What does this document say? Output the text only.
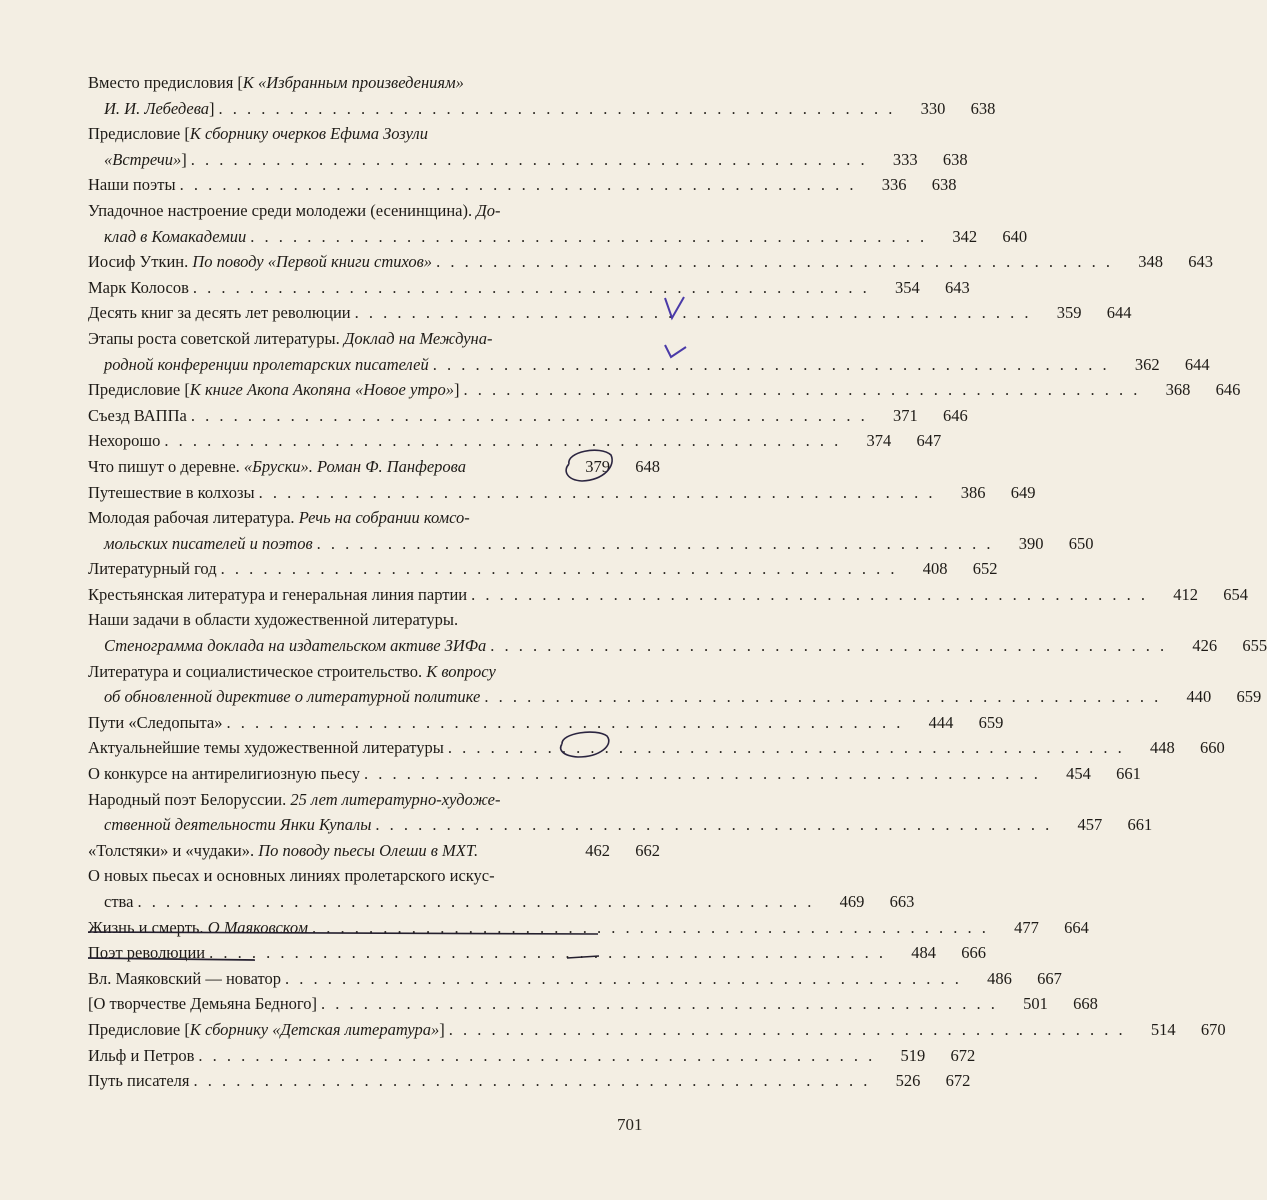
Вместо предисловия [К «Избранным произведениям»
И. И. Лебедева] . . . . . . . . . . . . . . . . . . . . . . . . . . . . . . . . . . . . . . . . . . . . . . . .	330	638
Предисловие [К сборнику очерков Ефима Зозули
«Встречи»] . . . . . . . . . . . . . . . . . . . . . . . . . . . . . . . . . . . . . . . . . . . . . . . .	333	638
Наши поэты . . . . . . . . . . . . . . . . . . . . . . . . . . . . . . . . . . . . . . . . . . . . . . . .	336	638
Упадочное настроение среди молодежи (есенинщина). До-
клад в Комакадемии . . . . . . . . . . . . . . . . . . . . . . . . . . . . . . . . . . . . . . . . . . . . . . . .	342	640
Иосиф Уткин. По поводу «Первой книги стихов» . . . . . . . . . . . . . . . . . . . . . . . . . . . . . . . . . . . . . . . . . . . . . . . .	348	643
Марк Колосов . . . . . . . . . . . . . . . . . . . . . . . . . . . . . . . . . . . . . . . . . . . . . . . .	354	643
Десять книг за десять лет революции . . . . . . . . . . . . . . . . . . . . . . . . . . . . . . . . . . . . . . . . . . . . . . . .	359	644
Этапы роста советской литературы. Доклад на Междуна-
родной конференции пролетарских писателей . . . . . . . . . . . . . . . . . . . . . . . . . . . . . . . . . . . . . . . . . . . . . . . .	362	644
Предисловие [К книге Акопа Акопяна «Новое утро»] . . . . . . . . . . . . . . . . . . . . . . . . . . . . . . . . . . . . . . . . . . . . . . . .	368	646
Съезд ВАППа . . . . . . . . . . . . . . . . . . . . . . . . . . . . . . . . . . . . . . . . . . . . . . . .	371	646
Нехорошо . . . . . . . . . . . . . . . . . . . . . . . . . . . . . . . . . . . . . . . . . . . . . . . .	374	647
Что пишут о деревне. «Бруски». Роман Ф. Панферова	379	648
Путешествие в колхозы . . . . . . . . . . . . . . . . . . . . . . . . . . . . . . . . . . . . . . . . . . . . . . . .	386	649
Молодая рабочая литература. Речь на собрании комсо-
мольских писателей и поэтов . . . . . . . . . . . . . . . . . . . . . . . . . . . . . . . . . . . . . . . . . . . . . . . .	390	650
Литературный год . . . . . . . . . . . . . . . . . . . . . . . . . . . . . . . . . . . . . . . . . . . . . . . .	408	652
Крестьянская литература и генеральная линия партии . . . . . . . . . . . . . . . . . . . . . . . . . . . . . . . . . . . . . . . . . . . . . . . .	412	654
Наши задачи в области художественной литературы.
Стенограмма доклада на издательском активе ЗИФа . . . . . . . . . . . . . . . . . . . . . . . . . . . . . . . . . . . . . . . . . . . . . . . .	426	655
Литература и социалистическое строительство. К вопросу
об обновленной директиве о литературной политике . . . . . . . . . . . . . . . . . . . . . . . . . . . . . . . . . . . . . . . . . . . . . . . .	440	659
Пути «Следопыта» . . . . . . . . . . . . . . . . . . . . . . . . . . . . . . . . . . . . . . . . . . . . . . . .	444	659
Актуальнейшие темы художественной литературы . . . . . . . . . . . . . . . . . . . . . . . . . . . . . . . . . . . . . . . . . . . . . . . .	448	660
О конкурсе на антирелигиозную пьесу . . . . . . . . . . . . . . . . . . . . . . . . . . . . . . . . . . . . . . . . . . . . . . . .	454	661
Народный поэт Белоруссии. 25 лет литературно-художе-
ственной деятельности Янки Купалы . . . . . . . . . . . . . . . . . . . . . . . . . . . . . . . . . . . . . . . . . . . . . . . .	457	661
«Толстяки» и «чудаки». По поводу пьесы Олеши в МХТ.	462	662
О новых пьесах и основных линиях пролетарского искус-
ства . . . . . . . . . . . . . . . . . . . . . . . . . . . . . . . . . . . . . . . . . . . . . . . .	469	663
Жизнь и смерть. О Маяковском . . . . . . . . . . . . . . . . . . . . . . . . . . . . . . . . . . . . . . . . . . . . . . . .	477	664
Поэт революции . . . . . . . . . . . . . . . . . . . . . . . . . . . . . . . . . . . . . . . . . . . . . . . .	484	666
Вл. Маяковский — новатор . . . . . . . . . . . . . . . . . . . . . . . . . . . . . . . . . . . . . . . . . . . . . . . .	486	667
[О творчестве Демьяна Бедного] . . . . . . . . . . . . . . . . . . . . . . . . . . . . . . . . . . . . . . . . . . . . . . . .	501	668
Предисловие [К сборнику «Детская литература»] . . . . . . . . . . . . . . . . . . . . . . . . . . . . . . . . . . . . . . . . . . . . . . . .	514	670
Ильф и Петров . . . . . . . . . . . . . . . . . . . . . . . . . . . . . . . . . . . . . . . . . . . . . . . .	519	672
Путь писателя . . . . . . . . . . . . . . . . . . . . . . . . . . . . . . . . . . . . . . . . . . . . . . . .	526	672
701
